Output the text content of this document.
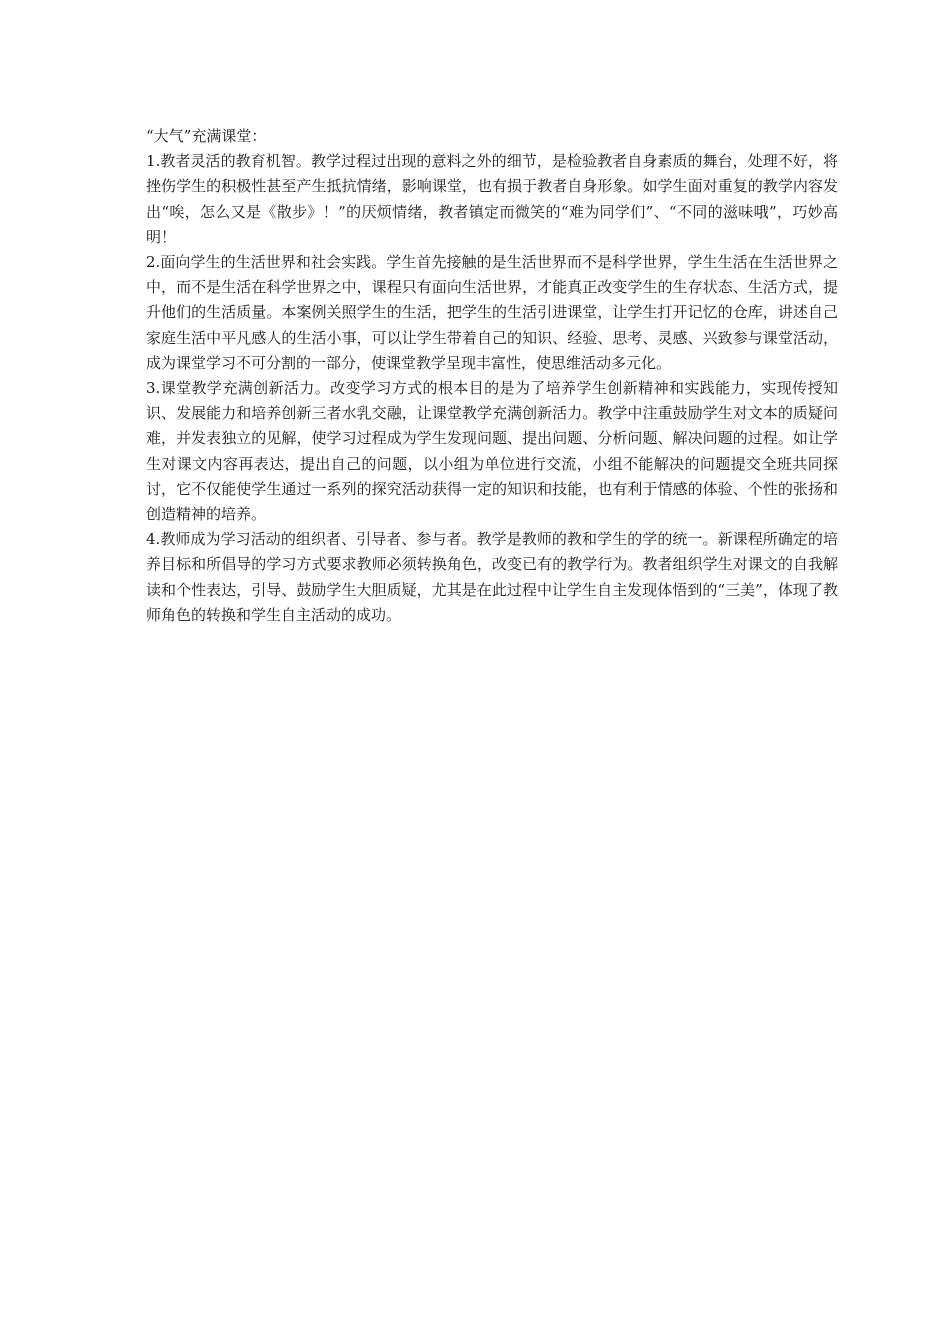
“大气”充满课堂：

1.教者灵活的教育机智。教学过程过出现的意料之外的细节，是检验教者自身素质的舞台，处理不好，将挫伤学生的积极性甚至产生抵抗情绪，影响课堂，也有损于教者自身形象。如学生面对重复的教学内容发出“唉，怎么又是《散步》！”的厌烦情绪，教者镇定而微笑的“难为同学们”、“不同的滋味哦”，巧妙高明！

2.面向学生的生活世界和社会实践。学生首先接触的是生活世界而不是科学世界，学生生活在生活世界之中，而不是生活在科学世界之中，课程只有面向生活世界，才能真正改变学生的生存状态、生活方式，提升他们的生活质量。本案例关照学生的生活，把学生的生活引进课堂，让学生打开记忆的仓库，讲述自己家庭生活中平凡感人的生活小事，可以让学生带着自己的知识、经验、思考、灵感、兴致参与课堂活动，成为课堂学习不可分割的一部分，使课堂教学呈现丰富性，使思维活动多元化。

3.课堂教学充满创新活力。改变学习方式的根本目的是为了培养学生创新精神和实践能力，实现传授知识、发展能力和培养创新三者水乳交融，让课堂教学充满创新活力。教学中注重鼓励学生对文本的质疑问难，并发表独立的见解，使学习过程成为学生发现问题、提出问题、分析问题、解决问题的过程。如让学生对课文内容再表达，提出自己的问题，以小组为单位进行交流，小组不能解决的问题提交全班共同探讨，它不仅能使学生通过一系列的探究活动获得一定的知识和技能，也有利于情感的体验、个性的张扬和创造精神的培养。

4.教师成为学习活动的组织者、引导者、参与者。教学是教师的教和学生的学的统一。新课程所确定的培养目标和所倡导的学习方式要求教师必须转换角色，改变已有的教学行为。教者组织学生对课文的自我解读和个性表达，引导、鼓励学生大胆质疑，尤其是在此过程中让学生自主发现体悟到的“三美”，体现了教师角色的转换和学生自主活动的成功。
